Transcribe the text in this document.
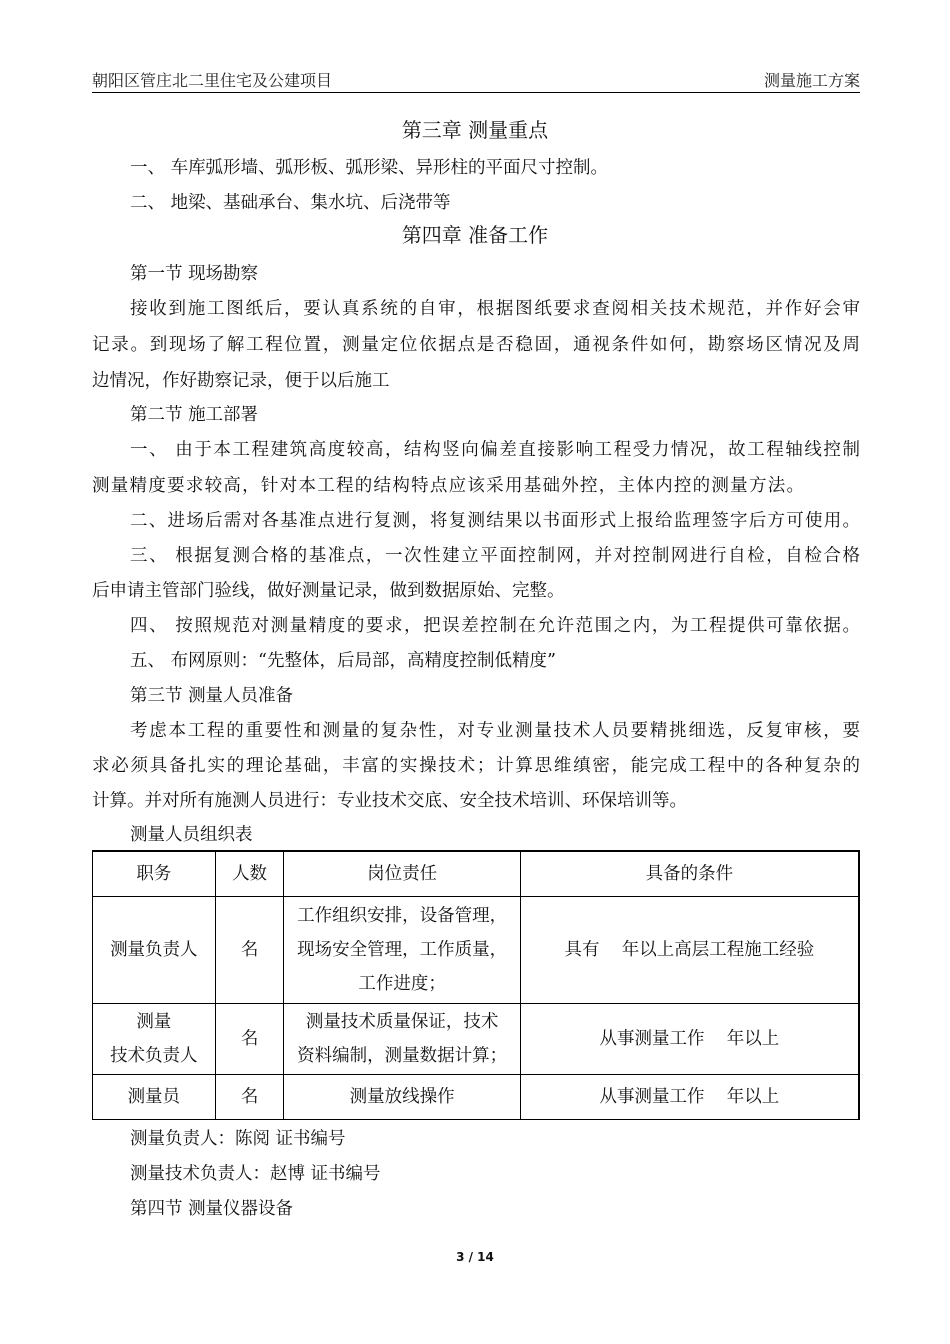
朝阳区管庄北二里住宅及公建项目	测量施工方案
第三章 测量重点
一、 车库弧形墙、弧形板、弧形梁、异形柱的平面尺寸控制。
二、 地梁、基础承台、集水坑、后浇带等
第四章 准备工作
第一节 现场勘察
接收到施工图纸后，要认真系统的自审，根据图纸要求查阅相关技术规范，并作好会审
记录。到现场了解工程位置，测量定位依据点是否稳固，通视条件如何，勘察场区情况及周
边情况，作好勘察记录，便于以后施工
第二节 施工部署
一、 由于本工程建筑高度较高，结构竖向偏差直接影响工程受力情况，故工程轴线控制
测量精度要求较高，针对本工程的结构特点应该采用基础外控，主体内控的测量方法。
二、进场后需对各基准点进行复测，将复测结果以书面形式上报给监理签字后方可使用。
三、 根据复测合格的基准点，一次性建立平面控制网，并对控制网进行自检，自检合格
后申请主管部门验线，做好测量记录，做到数据原始、完整。
四、 按照规范对测量精度的要求，把误差控制在允许范围之内，为工程提供可靠依据。
五、 布网原则：“先整体，后局部，高精度控制低精度”
第三节 测量人员准备
考虑本工程的重要性和测量的复杂性，对专业测量技术人员要精挑细选，反复审核，要
求必须具备扎实的理论基础，丰富的实操技术；计算思维缜密，能完成工程中的各种复杂的
计算。并对所有施测人员进行：专业技术交底、安全技术培训、环保培训等。
测量人员组织表
职务	人数	岗位责任	具备的条件
测量负责人	名	工作组织安排，设备管理，
现场安全管理，工作质量，
工作进度；	具有    年以上高层工程施工经验

测量
技术负责人	名	测量技术质量保证，技术
资料编制，测量数据计算；	从事测量工作    年以上
测量员	名	测量放线操作	从事测量工作    年以上
测量负责人：陈阅 证书编号
测量技术负责人：赵博 证书编号
第四节 测量仪器设备
3 / 14
